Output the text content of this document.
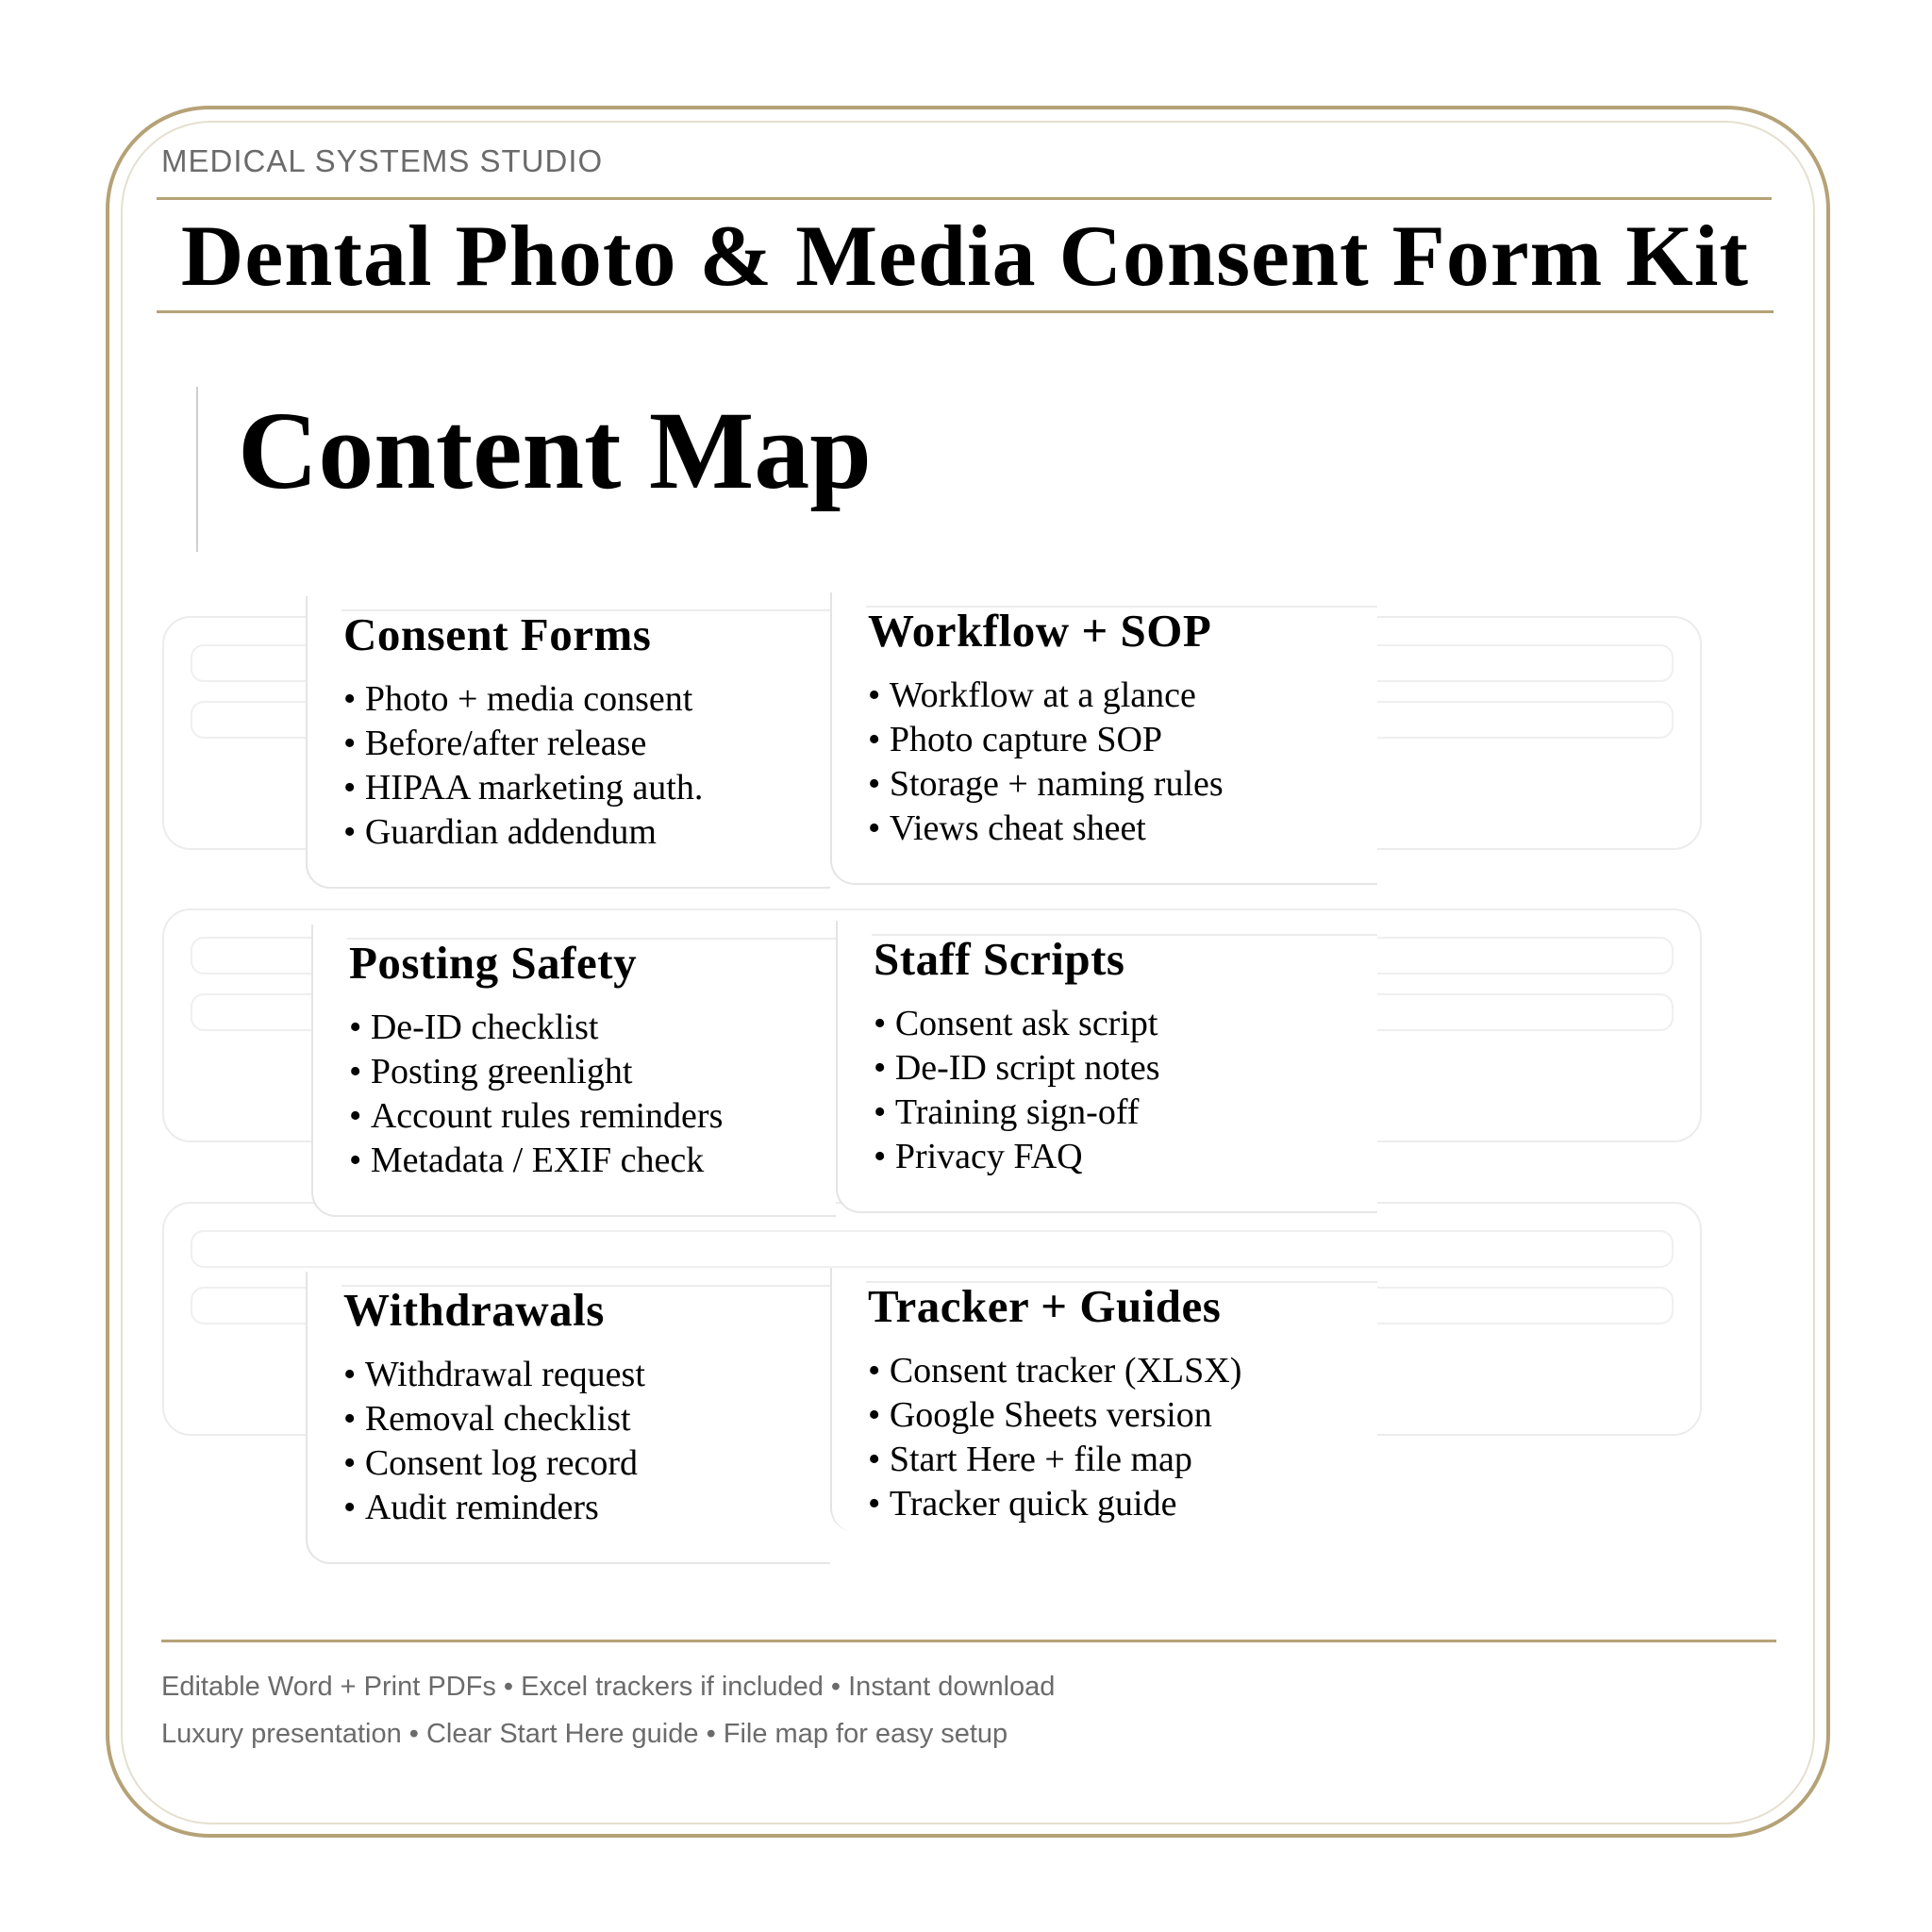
MEDICAL SYSTEMS STUDIO
Dental Photo & Media Consent Form Kit
Content Map
Consent Forms
• Photo + media consent
• Before/after release
• HIPAA marketing auth.
• Guardian addendum
Workflow + SOP
• Workflow at a glance
• Photo capture SOP
• Storage + naming rules
• Views cheat sheet
Posting Safety
• De-ID checklist
• Posting greenlight
• Account rules reminders
• Metadata / EXIF check
Staff Scripts
• Consent ask script
• De-ID script notes
• Training sign-off
• Privacy FAQ
Withdrawals
• Withdrawal request
• Removal checklist
• Consent log record
• Audit reminders
Tracker + Guides
• Consent tracker (XLSX)
• Google Sheets version
• Start Here + file map
• Tracker quick guide
Editable Word + Print PDFs • Excel trackers if included • Instant download
Luxury presentation • Clear Start Here guide • File map for easy setup
